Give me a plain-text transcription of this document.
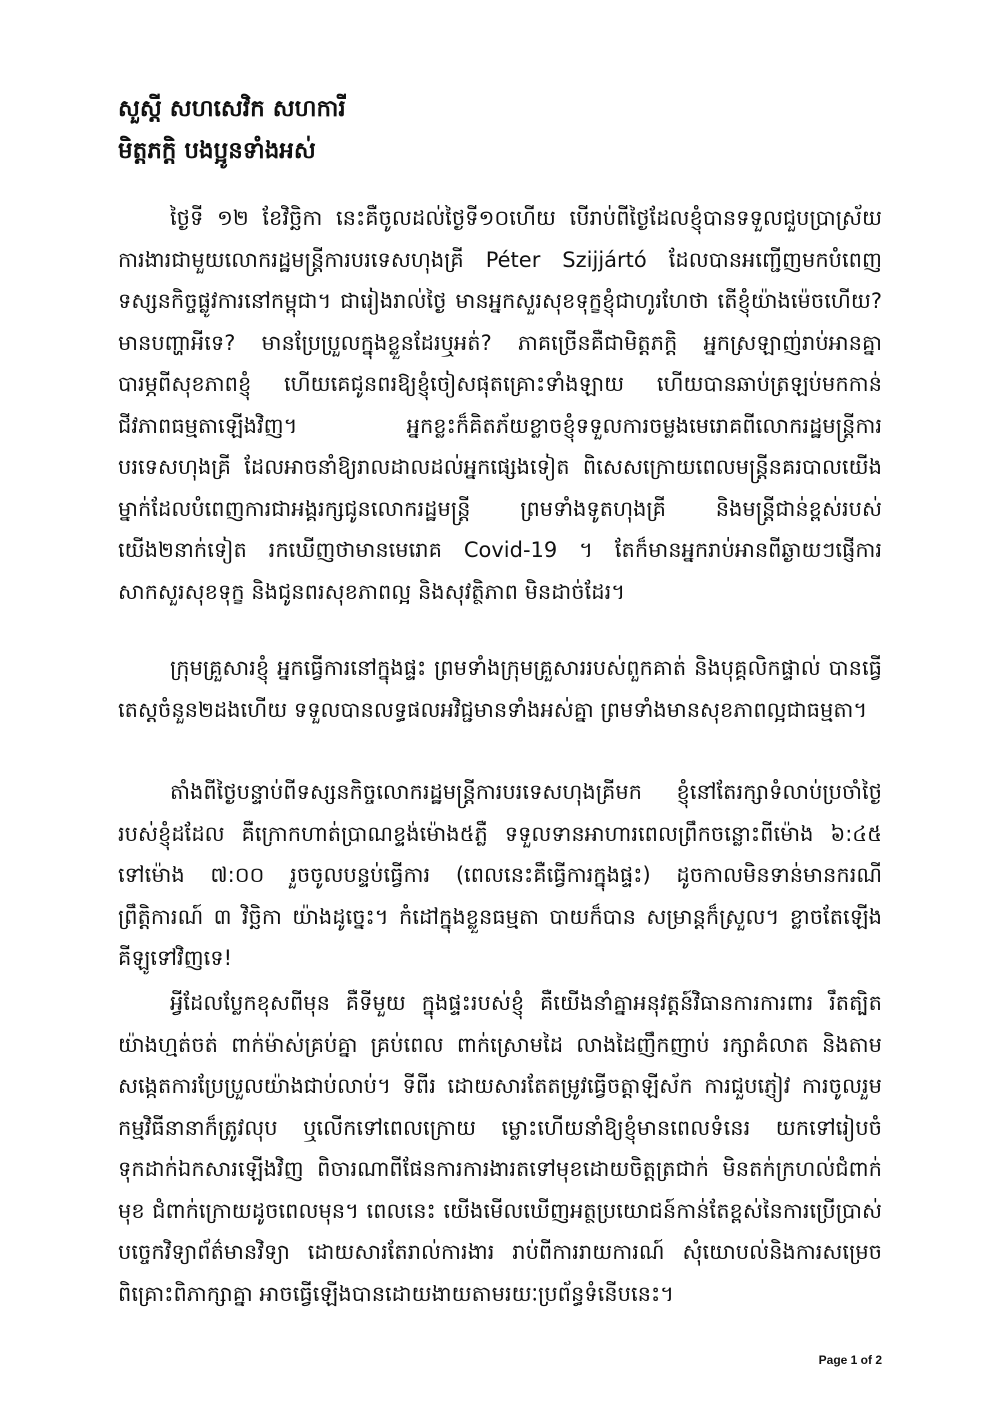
សួស្តី សហសេវិក សហការី
មិត្តភក្តិ បងប្អូនទាំងអស់

ថ្ងៃទី ១២ ខែវិច្ឆិកា នេះគឺចូលដល់ថ្ងៃទី១០ហើយ បើរាប់ពីថ្ងៃដែលខ្ញុំបានទទួលជួបប្រាស្រ័យការងារជាមួយលោករដ្ឋមន្ត្រីការបរទេសហុងគ្រី Péter Szijjártó ដែលបានអញ្ជើញមកបំពេញទស្សនកិច្ចផ្លូវការនៅកម្ពុជា។ ជារៀងរាល់ថ្ងៃ មានអ្នកសួរសុខទុក្ខខ្ញុំជាហូរហែថា តើខ្ញុំយ៉ាងម៉េចហើយ? មានបញ្ហាអីទេ? មានប្រែប្រួលក្នុងខ្លួនដែរឬអត់? ភាគច្រើនគឺជាមិត្តភក្តិ អ្នកស្រឡាញ់រាប់អានគ្នា បារម្ភពីសុខភាពខ្ញុំ ហើយគេជូនពរឱ្យខ្ញុំចៀសផុតគ្រោះទាំងឡាយ ហើយបានឆាប់ត្រឡប់មកកាន់ជីវភាពធម្មតាឡើងវិញ។ អ្នកខ្លះក៏គិតភ័យខ្លាចខ្ញុំទទួលការចម្លងមេរោគពីលោករដ្ឋមន្ត្រីការបរទេសហុងគ្រី ដែលអាចនាំឱ្យរាលដាលដល់អ្នកផ្សេងទៀត ពិសេសក្រោយពេលមន្ត្រីនគរបាលយើងម្នាក់ដែលបំពេញការជាអង្គរក្សជូនលោករដ្ឋមន្ត្រី ព្រមទាំងទូតហុងគ្រី និងមន្ត្រីជាន់ខ្ពស់របស់យើង២នាក់ទៀត រកឃើញថាមានមេរោគ Covid-19 ។ តែក៏មានអ្នករាប់អានពីឆ្ងាយៗផ្ញើការសាកសួរសុខទុក្ខ និងជូនពរសុខភាពល្អ និងសុវត្ថិភាព មិនដាច់ដែរ។

ក្រុមគ្រួសារខ្ញុំ អ្នកធ្វើការនៅក្នុងផ្ទះ ព្រមទាំងក្រុមគ្រួសាររបស់ពួកគាត់ និងបុគ្គលិកផ្ទាល់ បានធ្វើតេស្តចំនួន២ដងហើយ ទទួលបានលទ្ធផលអវិជ្ជមានទាំងអស់គ្នា ព្រមទាំងមានសុខភាពល្អជាធម្មតា។

តាំងពីថ្ងៃបន្ទាប់ពីទស្សនកិច្ចលោករដ្ឋមន្ត្រីការបរទេសហុងគ្រីមក ខ្ញុំនៅតែរក្សាទំលាប់ប្រចាំថ្ងៃរបស់ខ្ញុំដដែល គឺក្រោកហាត់ប្រាណខ្ទង់ម៉ោង៥ភ្លឺ ទទួលទានអាហារពេលព្រឹកចន្លោះពីម៉ោង ៦:៤៥ ទៅម៉ោង ៧:០០ រួចចូលបន្ទប់ធ្វើការ (ពេលនេះគឺធ្វើការក្នុងផ្ទះ) ដូចកាលមិនទាន់មានករណីព្រឹត្តិការណ៍ ៣ វិច្ឆិកា យ៉ាងដូច្នេះ។ កំដៅក្នុងខ្លួនធម្មតា បាយក៏បាន សម្រាន្តក៏ស្រួល។ ខ្លាចតែឡើងគីឡូទៅវិញទេ!

អ្វីដែលប្លែកខុសពីមុន គឺទីមួយ ក្នុងផ្ទះរបស់ខ្ញុំ គឺយើងនាំគ្នាអនុវត្តន៍វិធានការការពារ រឹតត្បិតយ៉ាងហ្មត់ចត់ ពាក់ម៉ាស់គ្រប់គ្នា គ្រប់ពេល ពាក់ស្រោមដៃ លាងដៃញឹកញាប់ រក្សាគំលាត និងតាមសង្កេតការប្រែប្រួលយ៉ាងជាប់លាប់។ ទីពីរ ដោយសារតែតម្រូវធ្វើចត្តាឡីស័ក ការជួបភ្ញៀវ ការចូលរួមកម្មវិធីនានាក៏ត្រូវលុប ឬលើកទៅពេលក្រោយ ម្លោះហើយនាំឱ្យខ្ញុំមានពេលទំនេរ យកទៅរៀបចំទុកដាក់ឯកសារឡើងវិញ ពិចារណាពីផែនការការងារតទៅមុខដោយចិត្តត្រជាក់ មិនតក់ក្រហល់ជំពាក់មុខ ជំពាក់ក្រោយដូចពេលមុន។ ពេលនេះ យើងមើលឃើញអត្ថប្រយោជន៍កាន់តែខ្ពស់នៃការប្រើប្រាស់បច្ចេកវិទ្យាព័ត៌មានវិទ្យា ដោយសារតែរាល់ការងារ រាប់ពីការរាយការណ៍ សុំយោបល់និងការសម្រេច ពិគ្រោះពិភាក្សាគ្នា អាចធ្វើឡើងបានដោយងាយតាមរយៈប្រព័ន្ធទំនើបនេះ។

Page 1 of 2
